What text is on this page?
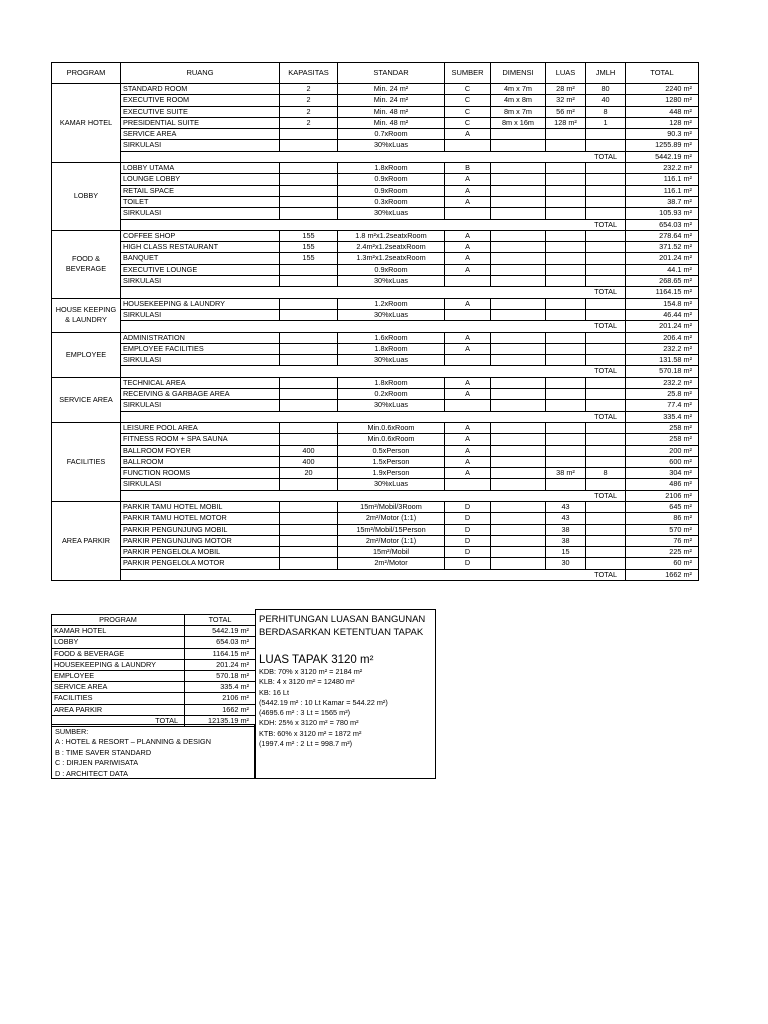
PROGRAM	RUANG	KAPASITAS	STANDAR	SUMBER	DIMENSI	LUAS	JMLH	TOTAL
KAMAR HOTEL	STANDARD ROOM	2	Min. 24 m²	C	4m x 7m	28 m²	80	2240 m²
	EXECUTIVE ROOM	2	Min. 24 m²	C	4m x 8m	32 m²	40	1280 m²
	EXECUTIVE SUITE	2	Min. 48 m²	C	8m x 7m	56 m²	8	448 m²
	PRESIDENTIAL SUITE	2	Min. 48 m²	C	8m x 16m	128 m²	1	128 m²
	SERVICE AREA		0.7xRoom	A				90.3 m²
	SIRKULASI		30%xLuas					1255.89 m²
	TOTAL							5442.19 m²
LOBBY	LOBBY UTAMA		1.8xRoom	B				232.2 m²
	LOUNGE LOBBY		0.9xRoom	A				116.1 m²
	RETAIL SPACE		0.9xRoom	A				116.1 m²
	TOILET		0.3xRoom	A				38.7 m²
	SIRKULASI		30%xLuas					105.93 m²
	TOTAL							654.03 m²
FOOD & BEVERAGE	COFFEE SHOP	155	1.8 m²x1.2seatxRoom	A				278.64 m²
	HIGH CLASS RESTAURANT	155	2.4m²x1.2seatxRoom	A				371.52 m²
	BANQUET	155	1.3m²x1.2seatxRoom	A				201.24 m²
	EXECUTIVE LOUNGE		0.9xRoom	A				44.1 m²
	SIRKULASI		30%xLuas					268.65 m²
	TOTAL							1164.15 m²
HOUSE KEEPING & LAUNDRY	HOUSEKEEPING & LAUNDRY		1.2xRoom	A				154.8 m²
	SIRKULASI		30%xLuas					46.44 m²
	TOTAL							201.24 m²
EMPLOYEE	ADMINISTRATION		1.6xRoom	A				206.4 m²
	EMPLOYEE FACILITIES		1.8xRoom	A				232.2 m²
	SIRKULASI		30%xLuas					131.58 m²
	TOTAL							570.18 m²
SERVICE AREA	TECHNICAL AREA		1.8xRoom	A				232.2 m²
	RECEIVING & GARBAGE AREA		0.2xRoom	A				25.8 m²
	SIRKULASI		30%xLuas					77.4 m²
	TOTAL							335.4 m²
FACILITIES	LEISURE POOL AREA		Min.0.6xRoom	A				258 m²
	FITNESS ROOM + SPA SAUNA		Min.0.6xRoom	A				258 m²
	BALLROOM FOYER	400	0.5xPerson	A				200 m²
	BALLROOM	400	1.5xPerson	A				600 m²
	FUNCTION ROOMS	20	1.9xPerson	A		38 m²	8	304 m²
	SIRKULASI		30%xLuas					486 m²
	TOTAL							2106 m²
AREA PARKIR	PARKIR TAMU HOTEL MOBIL		15m²/Mobil/3Room	D		43		645 m²
	PARKIR TAMU HOTEL MOTOR		2m²/Motor (1:1)	D		43		86 m²
	PARKIR PENGUNJUNG MOBIL		15m²/Mobil/15Person	D		38		570 m²
	PARKIR PENGUNJUNG MOTOR		2m²/Motor (1:1)	D		38		76 m²
	PARKIR PENGELOLA MOBIL		15m²/Mobil	D		15		225 m²
	PARKIR PENGELOLA MOTOR		2m²/Motor	D		30		60 m²
	TOTAL							1662 m²
PROGRAM	TOTAL
KAMAR HOTEL	5442.19 m²
LOBBY	654.03 m²
FOOD & BEVERAGE	1164.15 m²
HOUSEKEEPING & LAUNDRY	201.24 m²
EMPLOYEE	570.18 m²
SERVICE AREA	335.4 m²
FACILITIES	2106 m²
AREA PARKIR	1662 m²
TOTAL	12135.19 m²
SUMBER:
A : HOTEL & RESORT – PLANNING & DESIGN
B : TIME SAVER STANDARD
C : DIRJEN PARIWISATA
D : ARCHITECT DATA
PERHITUNGAN LUASAN BANGUNAN
BERDASARKAN KETENTUAN TAPAK
LUAS TAPAK 3120 m²
KDB: 70% x 3120 m² = 2184 m²
KLB: 4 x 3120 m² = 12480 m²
KB: 16 Lt
(5442.19 m² : 10 Lt Kamar = 544.22 m²)
(4695.6 m² : 3 Lt = 1565 m²)
KDH: 25% x 3120 m² = 780 m²
KTB: 60% x 3120 m² = 1872 m²
(1997.4 m² : 2 Lt = 998.7 m²)
